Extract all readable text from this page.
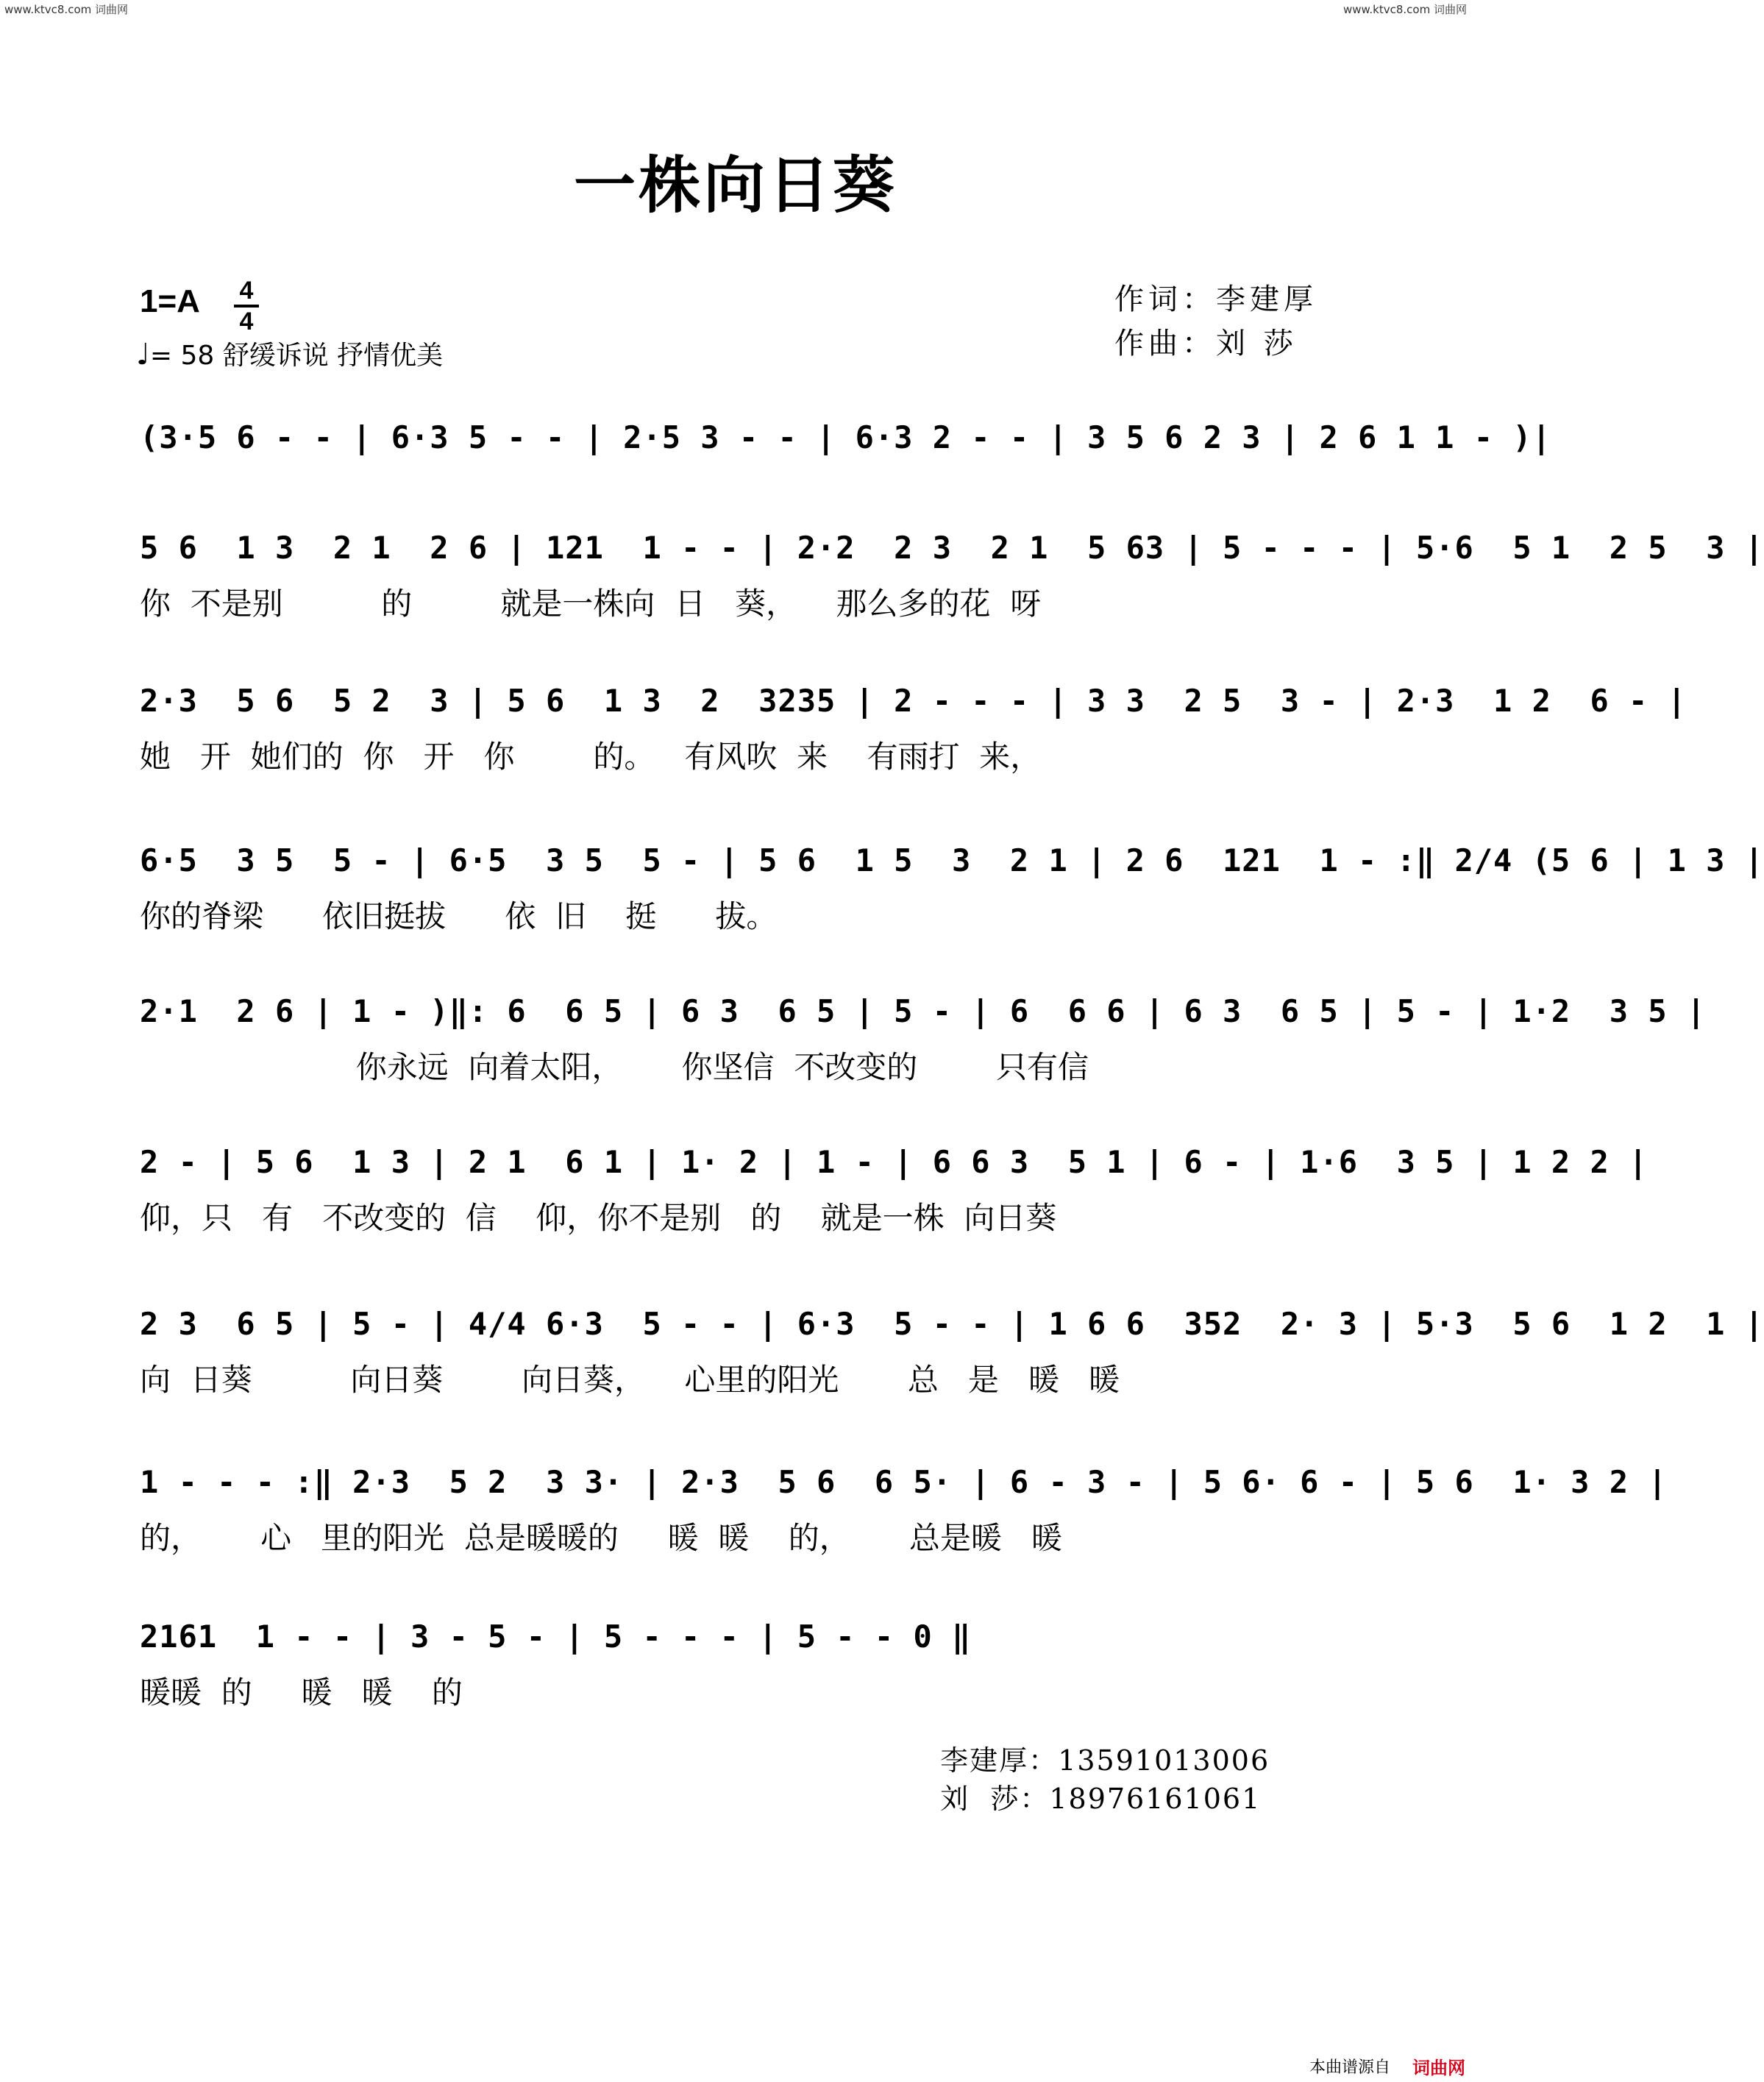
www.ktvc8.com 词曲网	www.ktvc8.com 词曲网
一株向日葵
1=A 4
4
♩= 58 舒缓诉说 抒情优美
作词：李建厚
作曲：刘 莎
(3·5 6 - - | 6·3 5 - - | 2·5 3 - - | 6·3 2 - - | 3 5 6 2 3 | 2 6 1 1 - )|
5 6  1 3  2 1  2 6 | 121  1 - - | 2·2  2 3  2 1  5 63 | 5 - - - | 5·6  5 1  2 5  3 |
你  不是别          的         就是一株向  日   葵，    那么多的花  呀
2·3  5 6  5 2  3 | 5 6  1 3  2  3235 | 2 - - - | 3 3  2 5  3 - | 2·3  1 2  6 - |
她   开  她们的  你   开   你        的。   有风吹  来    有雨打  来，
6·5  3 5  5 - | 6·5  3 5  5 - | 5 6  1 5  3  2 1 | 2 6  121  1 - :‖ 2/4 (5 6 | 1 3 |
你的脊梁      依旧挺拔      依  旧    挺      拔。
2·1  2 6 | 1 - )‖: 6  6 5 | 6 3  6 5 | 5 - | 6  6 6 | 6 3  6 5 | 5 - | 1·2  3 5 |
你永远  向着太阳，      你坚信  不改变的        只有信
2 - | 5 6  1 3 | 2 1  6 1 | 1· 2 | 1 - | 6 6 3  5 1 | 6 - | 1·6  3 5 | 1 2 2 |
仰，只   有   不改变的  信    仰，你不是别   的    就是一株  向日葵
2 3  6 5 | 5 - | 4/4 6·3  5 - - | 6·3  5 - - | 1 6 6  352  2· 3 | 5·3  5 6  1 2  1 |
向  日葵          向日葵        向日葵，    心里的阳光       总   是   暖   暖
1 - - - :‖ 2·3  5 2  3 3· | 2·3  5 6  6 5· | 6 - 3 - | 5 6· 6 - | 5 6  1· 3 2 |
的，      心   里的阳光  总是暖暖的     暖  暖    的，      总是暖   暖
2161  1 - - | 3 - 5 - | 5 - - - | 5 - - 0 ‖
暖暖  的     暖   暖    的

李建厚：13591013006

刘  莎：18976161061

本曲谱源自 词曲网
